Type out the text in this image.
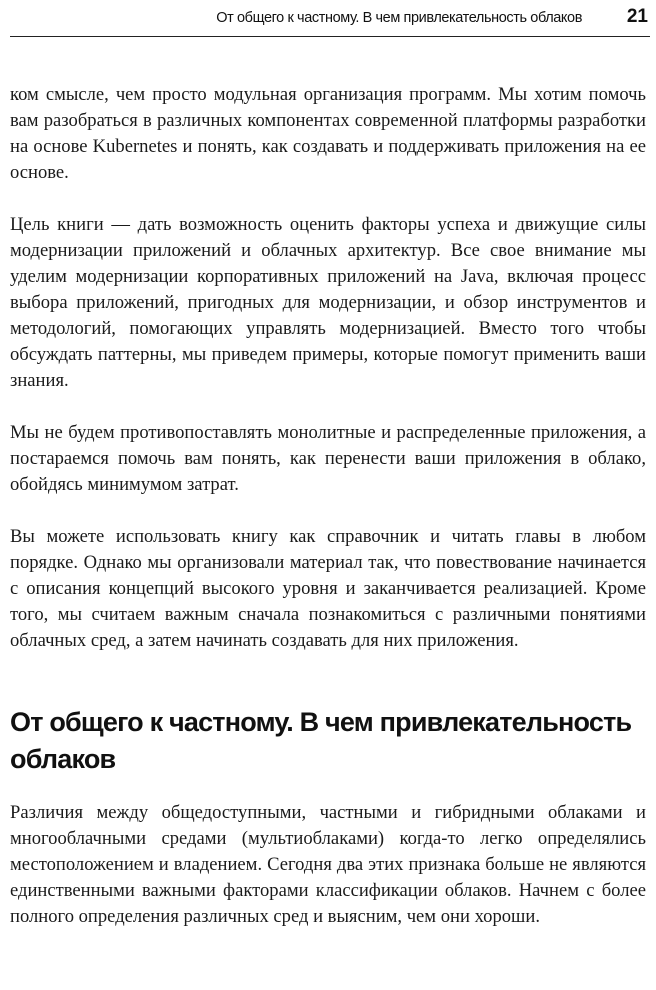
От общего к частному. В чем привлекательность облаков 21

ком смысле, чем просто модульная организация программ. Мы хотим помочь вам разобраться в различных компонентах современной платформы разработки на основе Kubernetes и понять, как создавать и поддерживать приложения на ее основе.

Цель книги — дать возможность оценить факторы успеха и движущие силы модернизации приложений и облачных архитектур. Все свое внимание мы уделим модернизации корпоративных приложений на Java, включая процесс выбора приложений, пригодных для модернизации, и обзор инструментов и методологий, помогающих управлять модернизацией. Вместо того чтобы обсуждать паттерны, мы приведем примеры, которые помогут применить ваши знания.

Мы не будем противопоставлять монолитные и распределенные приложения, а постараемся помочь вам понять, как перенести ваши приложения в облако, обойдясь минимумом затрат.

Вы можете использовать книгу как справочник и читать главы в любом порядке. Однако мы организовали материал так, что повествование начинается с описания концепций высокого уровня и заканчивается реализацией. Кроме того, мы считаем важным сначала познакомиться с различными понятиями облачных сред, а затем начинать создавать для них приложения.

От общего к частному. В чем привлекательность облаков

Различия между общедоступными, частными и гибридными облаками и многооблачными средами (мультиоблаками) когда-то легко определялись местоположением и владением. Сегодня два этих признака больше не являются единственными важными факторами классификации облаков. Начнем с более полного определения различных сред и выясним, чем они хороши.
